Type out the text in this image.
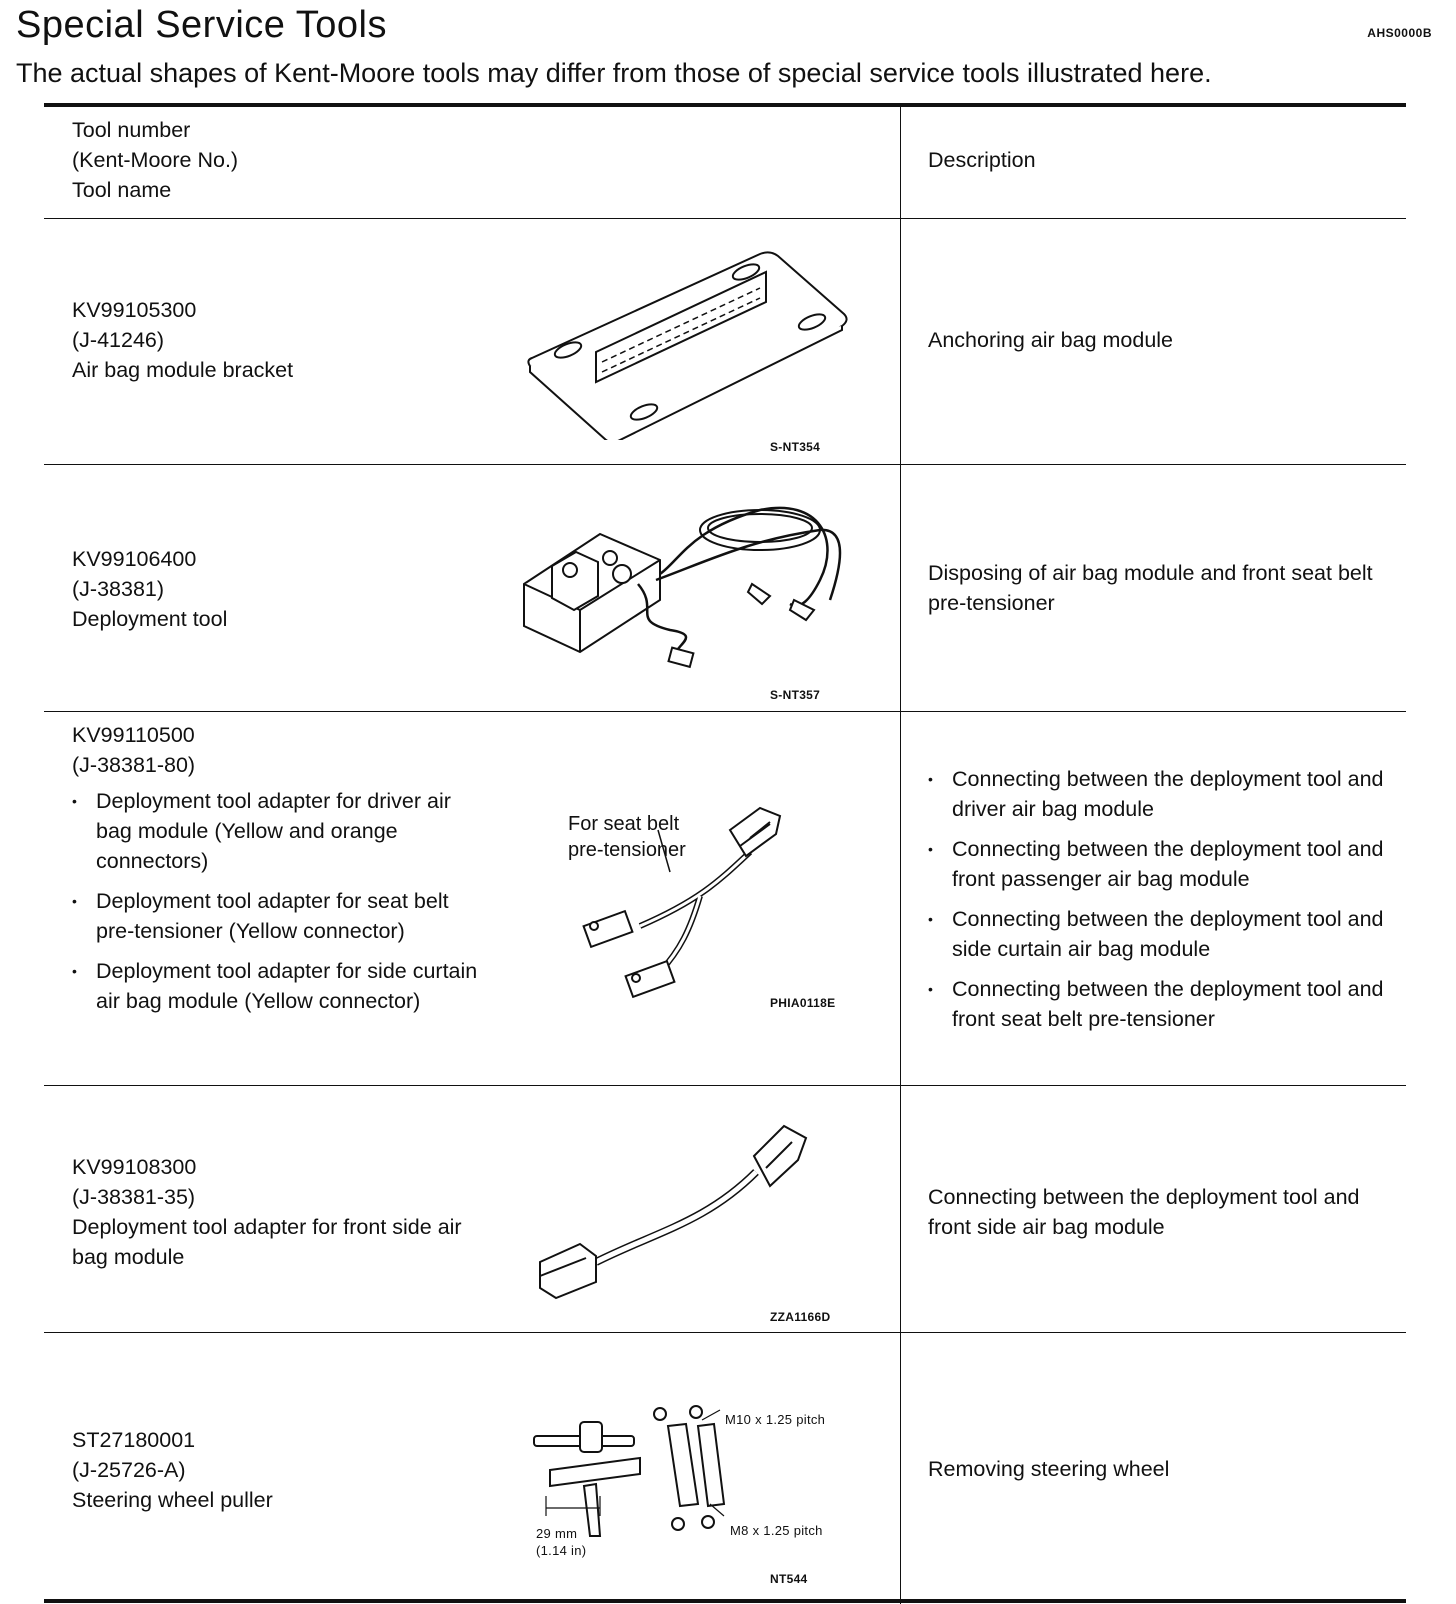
Special Service Tools	AHS0000B
The actual shapes of Kent-Moore tools may differ from those of special service tools illustrated here.
Tool number
(Kent-Moore No.)
Tool name
Description
KV99105300
(J-41246)
Air bag module bracket
S-NT354
Anchoring air bag module
KV99106400
(J-38381)
Deployment tool
S-NT357
Disposing of air bag module and front seat belt pre-tensioner
KV99110500
(J-38381-80)
• Deployment tool adapter for driver air bag module (Yellow and orange connectors)
• Deployment tool adapter for seat belt pre-tensioner (Yellow connector)
• Deployment tool adapter for side curtain air bag module (Yellow connector)
For seat belt
pre-tensioner
PHIA0118E
• Connecting between the deployment tool and driver air bag module
• Connecting between the deployment tool and front passenger air bag module
• Connecting between the deployment tool and side curtain air bag module
• Connecting between the deployment tool and front seat belt pre-tensioner
KV99108300
(J-38381-35)
Deployment tool adapter for front side air bag module
ZZA1166D
Connecting between the deployment tool and front side air bag module
ST27180001
(J-25726-A)
Steering wheel puller
M10 x 1.25 pitch
M8 x 1.25 pitch
29 mm
(1.14 in)
NT544
Removing steering wheel
